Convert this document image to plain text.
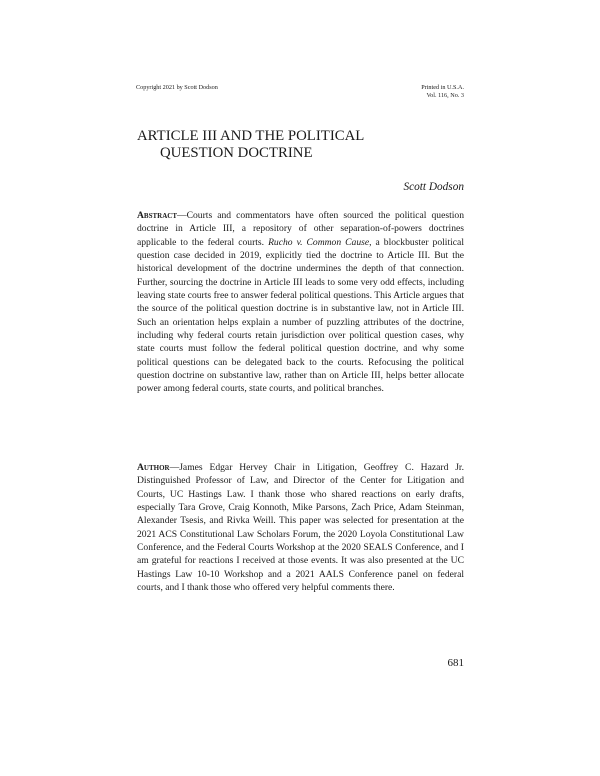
Copyright 2021 by Scott Dodson	Printed in U.S.A.
Vol. 116, No. 3
ARTICLE III AND THE POLITICAL
QUESTION DOCTRINE
Scott Dodson

Abstract—Courts and commentators have often sourced the political question doctrine in Article III, a repository of other separation-of-powers doctrines applicable to the federal courts. Rucho v. Common Cause, a blockbuster political question case decided in 2019, explicitly tied the doctrine to Article III. But the historical development of the doctrine undermines the depth of that connection. Further, sourcing the doctrine in Article III leads to some very odd effects, including leaving state courts free to answer federal political questions. This Article argues that the source of the political question doctrine is in substantive law, not in Article III. Such an orientation helps explain a number of puzzling attributes of the doctrine, including why federal courts retain jurisdiction over political question cases, why state courts must follow the federal political question doctrine, and why some political questions can be delegated back to the courts. Refocusing the political question doctrine on substantive law, rather than on Article III, helps better allocate power among federal courts, state courts, and political branches.

Author—James Edgar Hervey Chair in Litigation, Geoffrey C. Hazard Jr. Distinguished Professor of Law, and Director of the Center for Litigation and Courts, UC Hastings Law. I thank those who shared reactions on early drafts, especially Tara Grove, Craig Konnoth, Mike Parsons, Zach Price, Adam Steinman, Alexander Tsesis, and Rivka Weill. This paper was selected for presentation at the 2021 ACS Constitutional Law Scholars Forum, the 2020 Loyola Constitutional Law Conference, and the Federal Courts Workshop at the 2020 SEALS Conference, and I am grateful for reactions I received at those events. It was also presented at the UC Hastings Law 10-10 Workshop and a 2021 AALS Conference panel on federal courts, and I thank those who offered very helpful comments there.

681
